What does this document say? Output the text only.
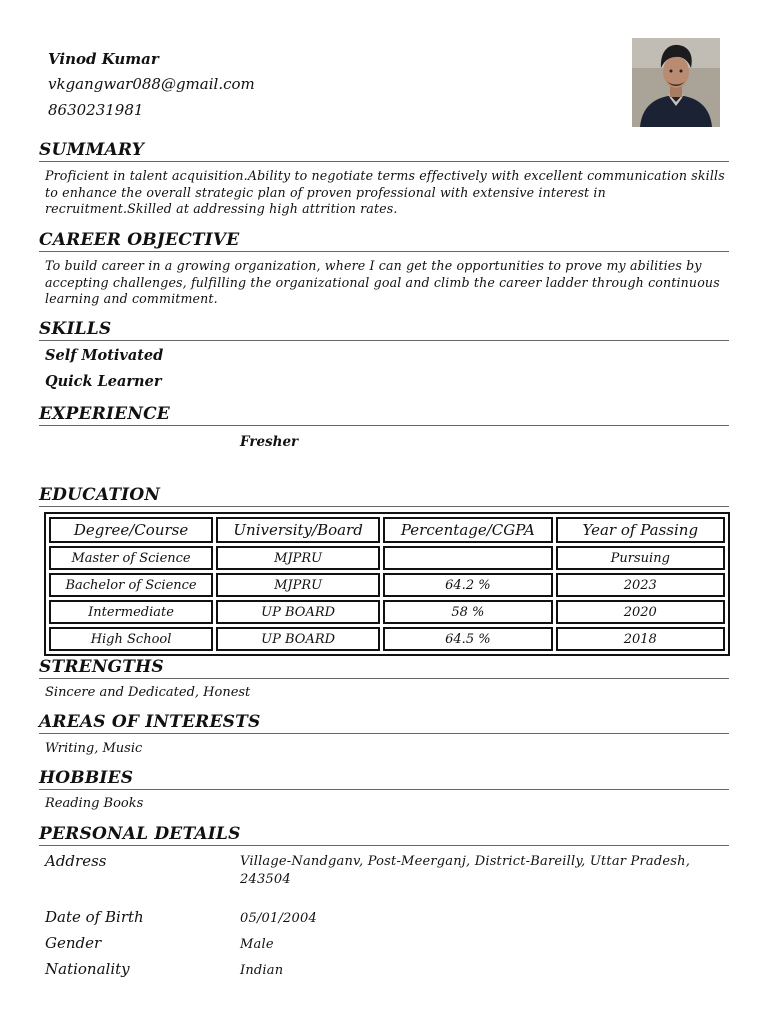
Vinod Kumar
vkgangwar088@gmail.com
8630231981
SUMMARY
Proficient in talent acquisition.Ability to negotiate terms effectively with excellent communication skills to enhance the overall strategic plan of proven professional with extensive interest in recruitment.Skilled at addressing high attrition rates.
CAREER OBJECTIVE
To build career in a growing organization, where I can get the opportunities to prove my abilities by accepting challenges, fulfilling the organizational goal and climb the career ladder through continuous learning and commitment.
SKILLS
Self Motivated
Quick Learner
EXPERIENCE
Fresher
EDUCATION
Degree/Course	University/Board	Percentage/CGPA	Year of Passing
Master of Science	MJPRU		Pursuing
Bachelor of Science	MJPRU	64.2 %	2023
Intermediate	UP BOARD	58 %	2020
High School	UP BOARD	64.5 %	2018
STRENGTHS
Sincere and Dedicated, Honest
AREAS OF INTERESTS
Writing, Music
HOBBIES
Reading Books
PERSONAL DETAILS
Address	Village-Nandganv, Post-Meerganj, District-Bareilly, Uttar Pradesh, 243504
Date of Birth	05/01/2004
Gender	Male
Nationality	Indian
